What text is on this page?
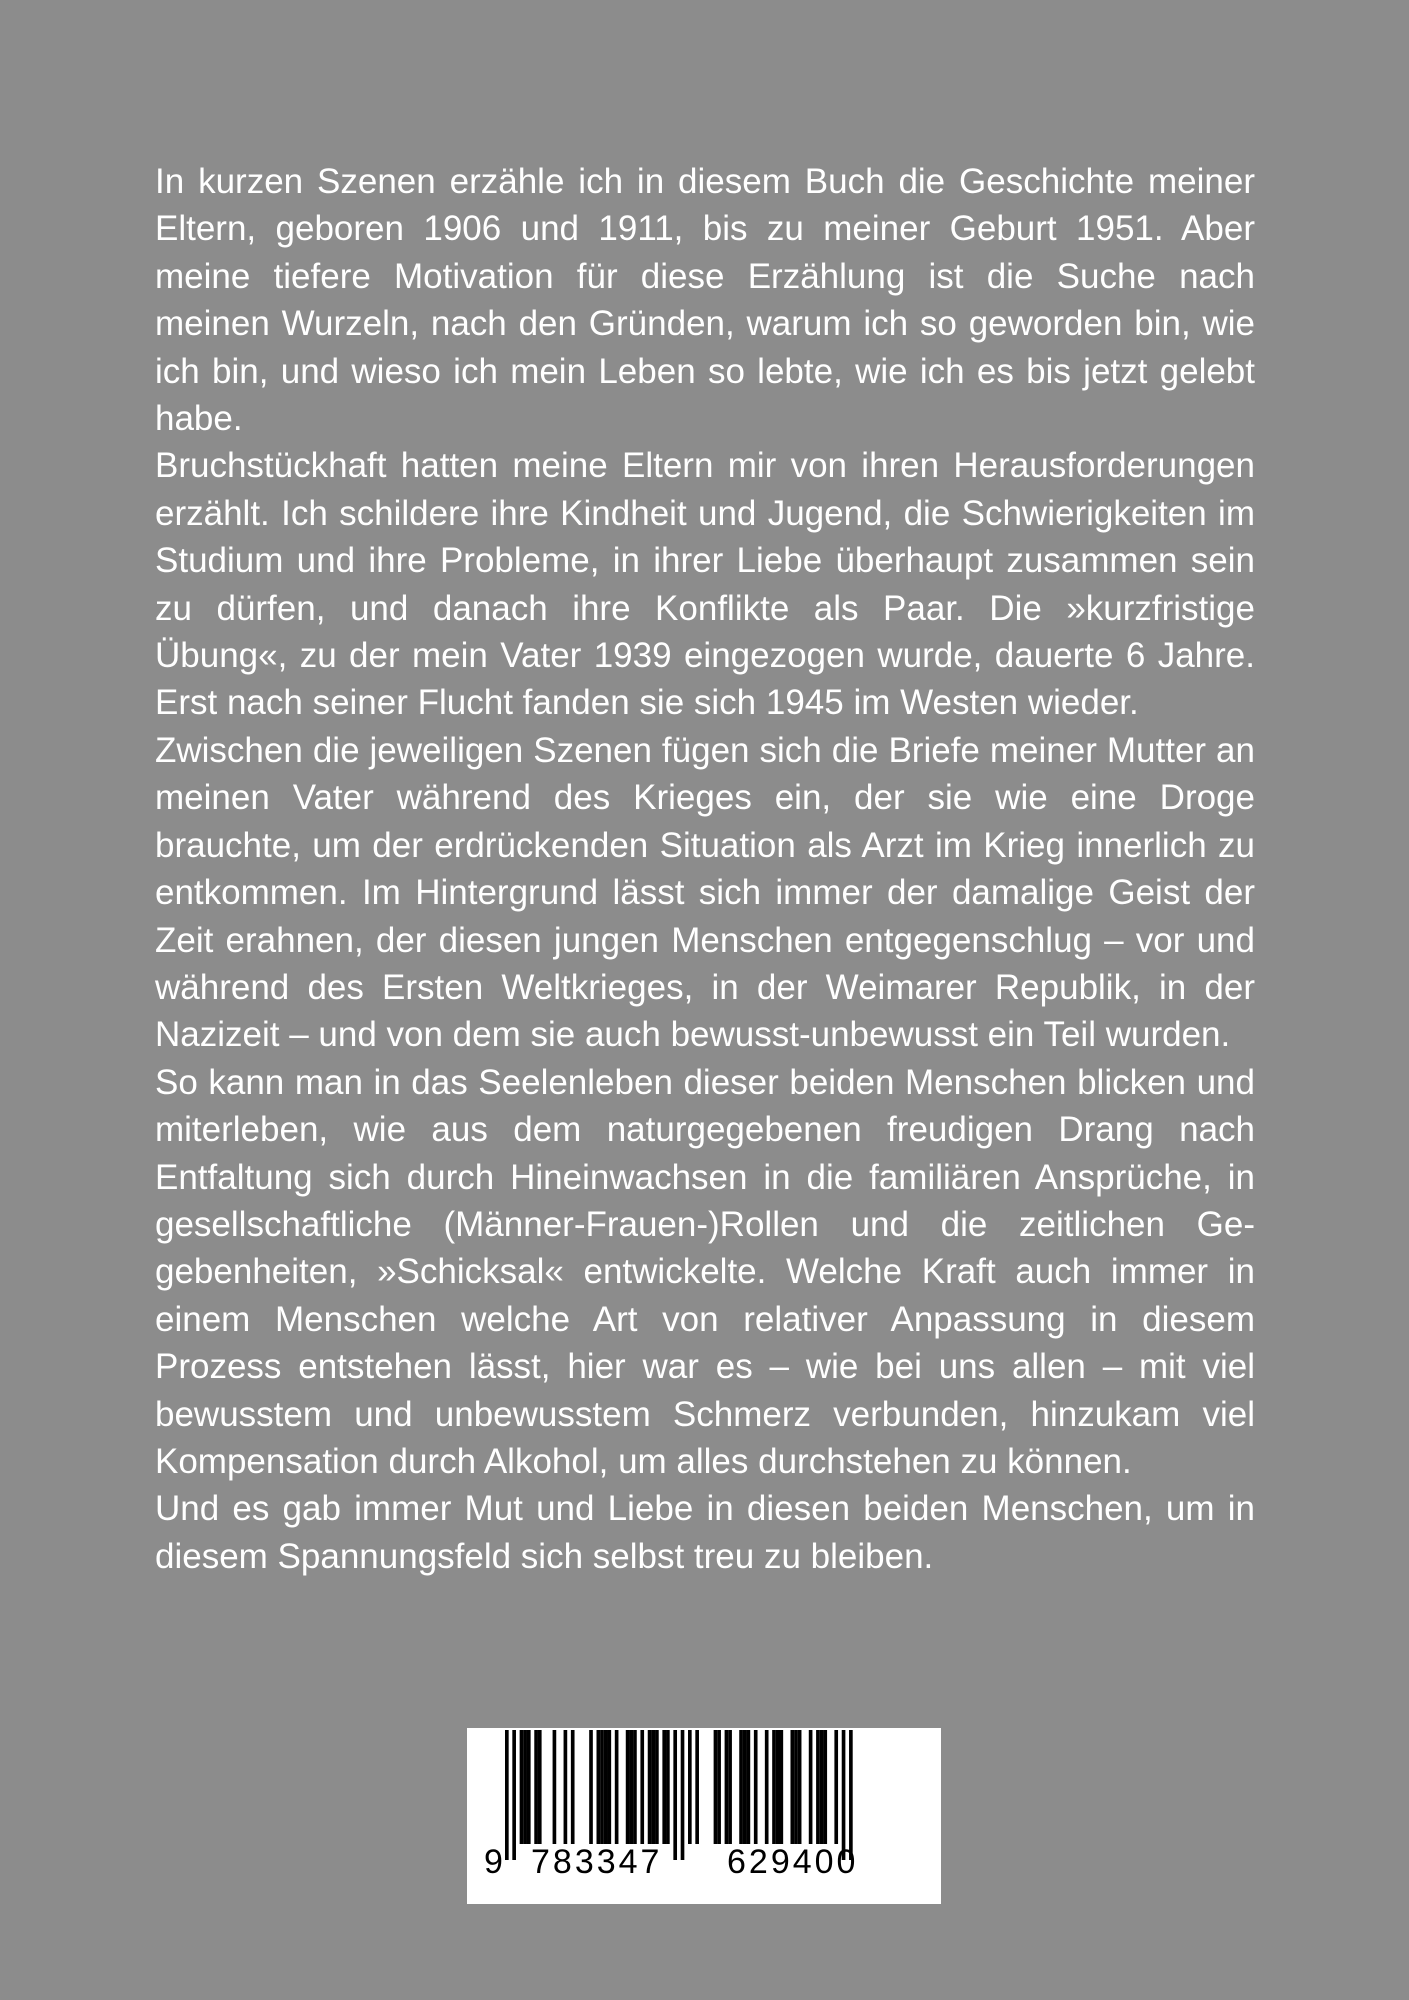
In kurzen Szenen erzähle ich in diesem Buch die Geschichte meiner Eltern, geboren 1906 und 1911, bis zu meiner Geburt 1951. Aber meine tiefere Motivation für diese Erzählung ist die Suche nach meinen Wurzeln, nach den Gründen, warum ich so geworden bin, wie ich bin, und wieso ich mein Leben so lebte, wie ich es bis jetzt gelebt habe.

Bruchstückhaft hatten meine Eltern mir von ihren Herausforderungen erzählt. Ich schildere ihre Kindheit und Jugend, die Schwierigkeiten im Studium und ihre Probleme, in ihrer Liebe überhaupt zusammen sein zu dürfen, und danach ihre Konflikte als Paar. Die »kurzfristige Übung«, zu der mein Vater 1939 eingezogen wurde, dauerte 6 Jahre. Erst nach seiner Flucht fanden sie sich 1945 im Westen wieder.

Zwischen die jeweiligen Szenen fügen sich die Briefe meiner Mutter an meinen Vater während des Krieges ein, der sie wie eine Droge brauchte, um der erdrückenden Situation als Arzt im Krieg innerlich zu entkommen. Im Hintergrund lässt sich immer der damalige Geist der Zeit erahnen, der diesen jungen Menschen entgegenschlug – vor und während des Ersten Weltkrieges, in der Weimarer Republik, in der Nazizeit – und von dem sie auch bewusst-unbewusst ein Teil wurden.

So kann man in das Seelenleben dieser beiden Menschen blicken und miterleben, wie aus dem naturgegebenen freudigen Drang nach Entfaltung sich durch Hineinwachsen in die familiären Ansprüche, in gesellschaftliche (Männer-Frauen-)Rollen und die zeitlichen Gegebenheiten, »Schicksal« entwickelte. Welche Kraft auch immer in einem Menschen welche Art von relativer Anpassung in diesem Prozess entstehen lässt, hier war es – wie bei uns allen – mit viel bewusstem und unbewusstem Schmerz verbunden, hinzukam viel Kompensation durch Alkohol, um alles durchstehen zu können.

Und es gab immer Mut und Liebe in diesen beiden Menschen, um in diesem Spannungsfeld sich selbst treu zu bleiben.

9 783347 629400
